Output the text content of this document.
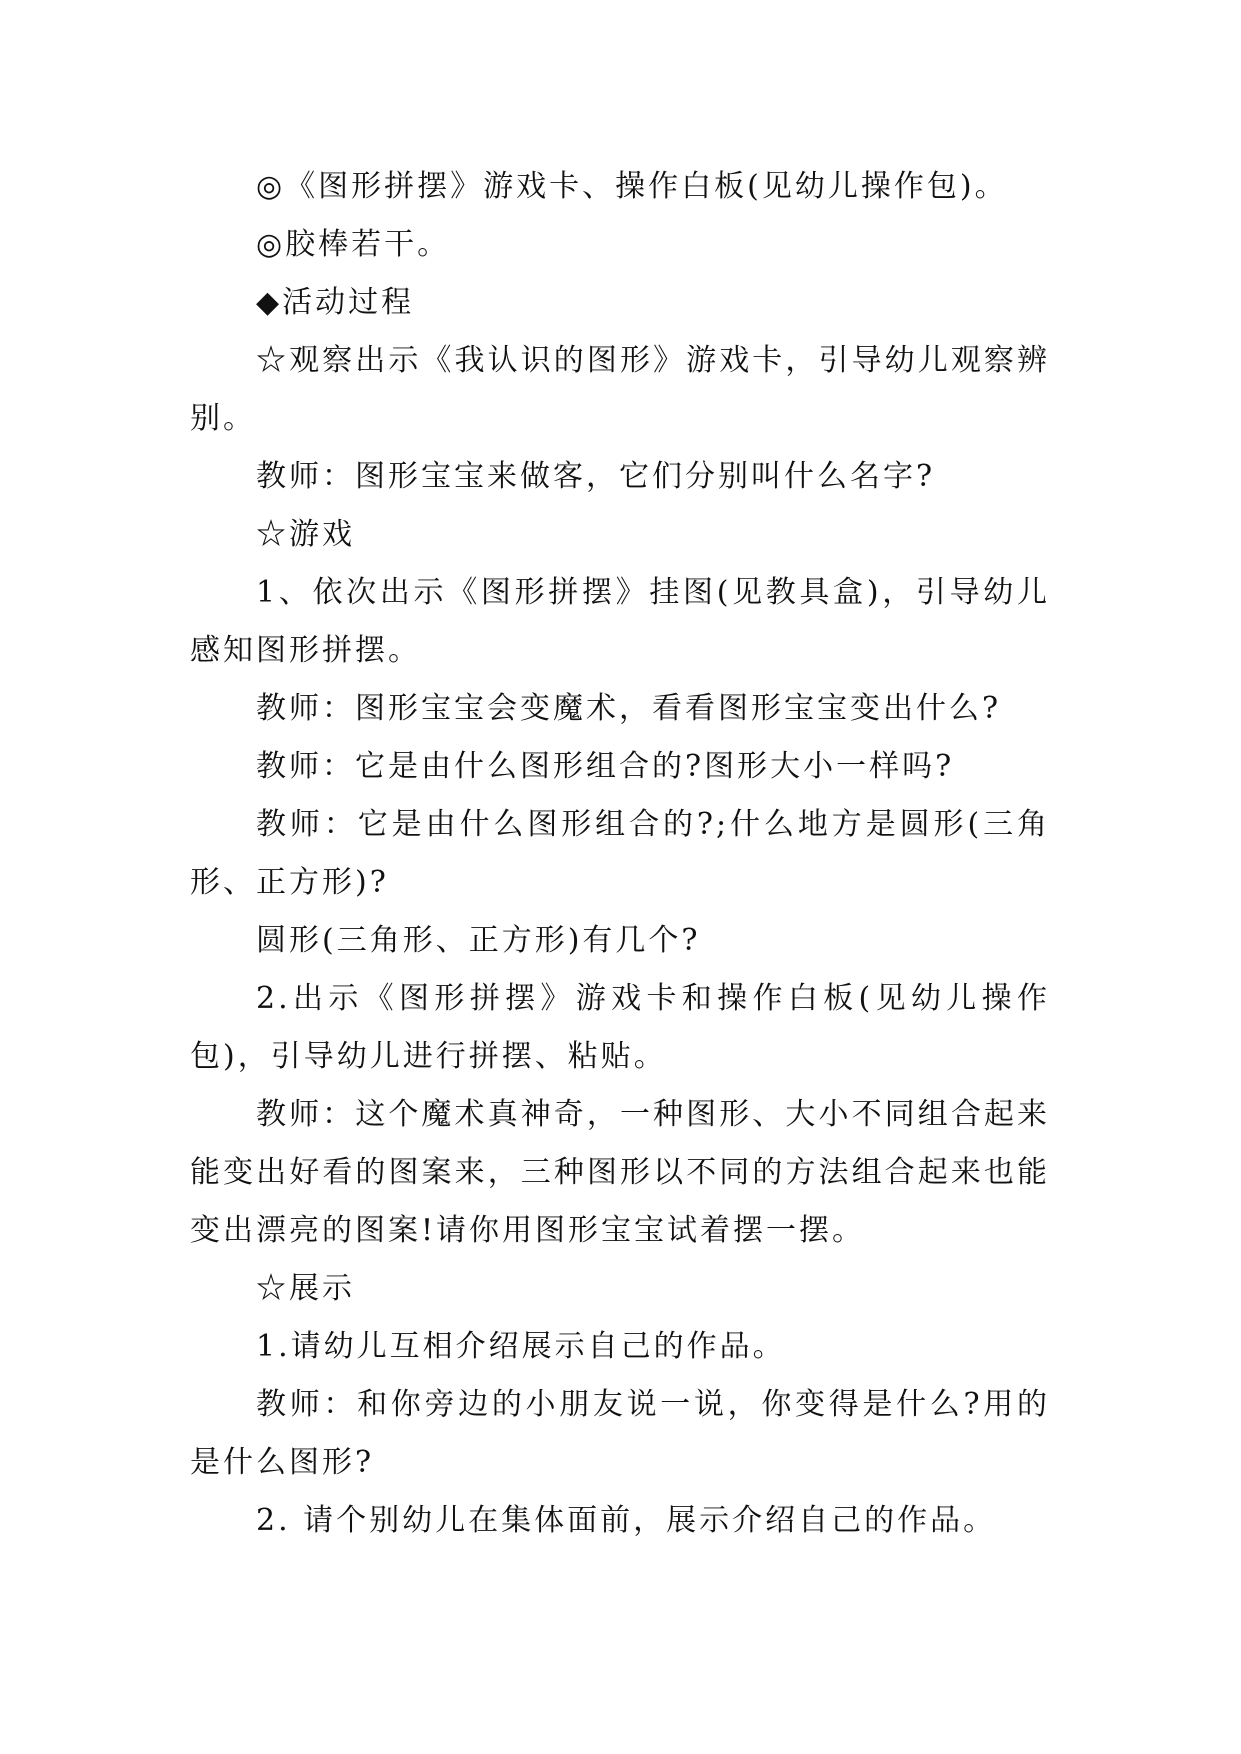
◎《图形拼摆》游戏卡、操作白板(见幼儿操作包)。

◎胶棒若干。

◆活动过程

☆观察出示《我认识的图形》游戏卡，引导幼儿观察辨别。

教师：图形宝宝来做客，它们分别叫什么名字?

☆游戏

1、依次出示《图形拼摆》挂图(见教具盒)，引导幼儿感知图形拼摆。

教师：图形宝宝会变魔术，看看图形宝宝变出什么?

教师：它是由什么图形组合的?图形大小一样吗?

教师：它是由什么图形组合的?;什么地方是圆形(三角形、正方形)?

圆形(三角形、正方形)有几个?

2.出示《图形拼摆》游戏卡和操作白板(见幼儿操作包)，引导幼儿进行拼摆、粘贴。

教师：这个魔术真神奇，一种图形、大小不同组合起来能变出好看的图案来，三种图形以不同的方法组合起来也能变出漂亮的图案!请你用图形宝宝试着摆一摆。

☆展示

1.请幼儿互相介绍展示自己的作品。

教师：和你旁边的小朋友说一说，你变得是什么?用的是什么图形?

2. 请个别幼儿在集体面前，展示介绍自己的作品。
